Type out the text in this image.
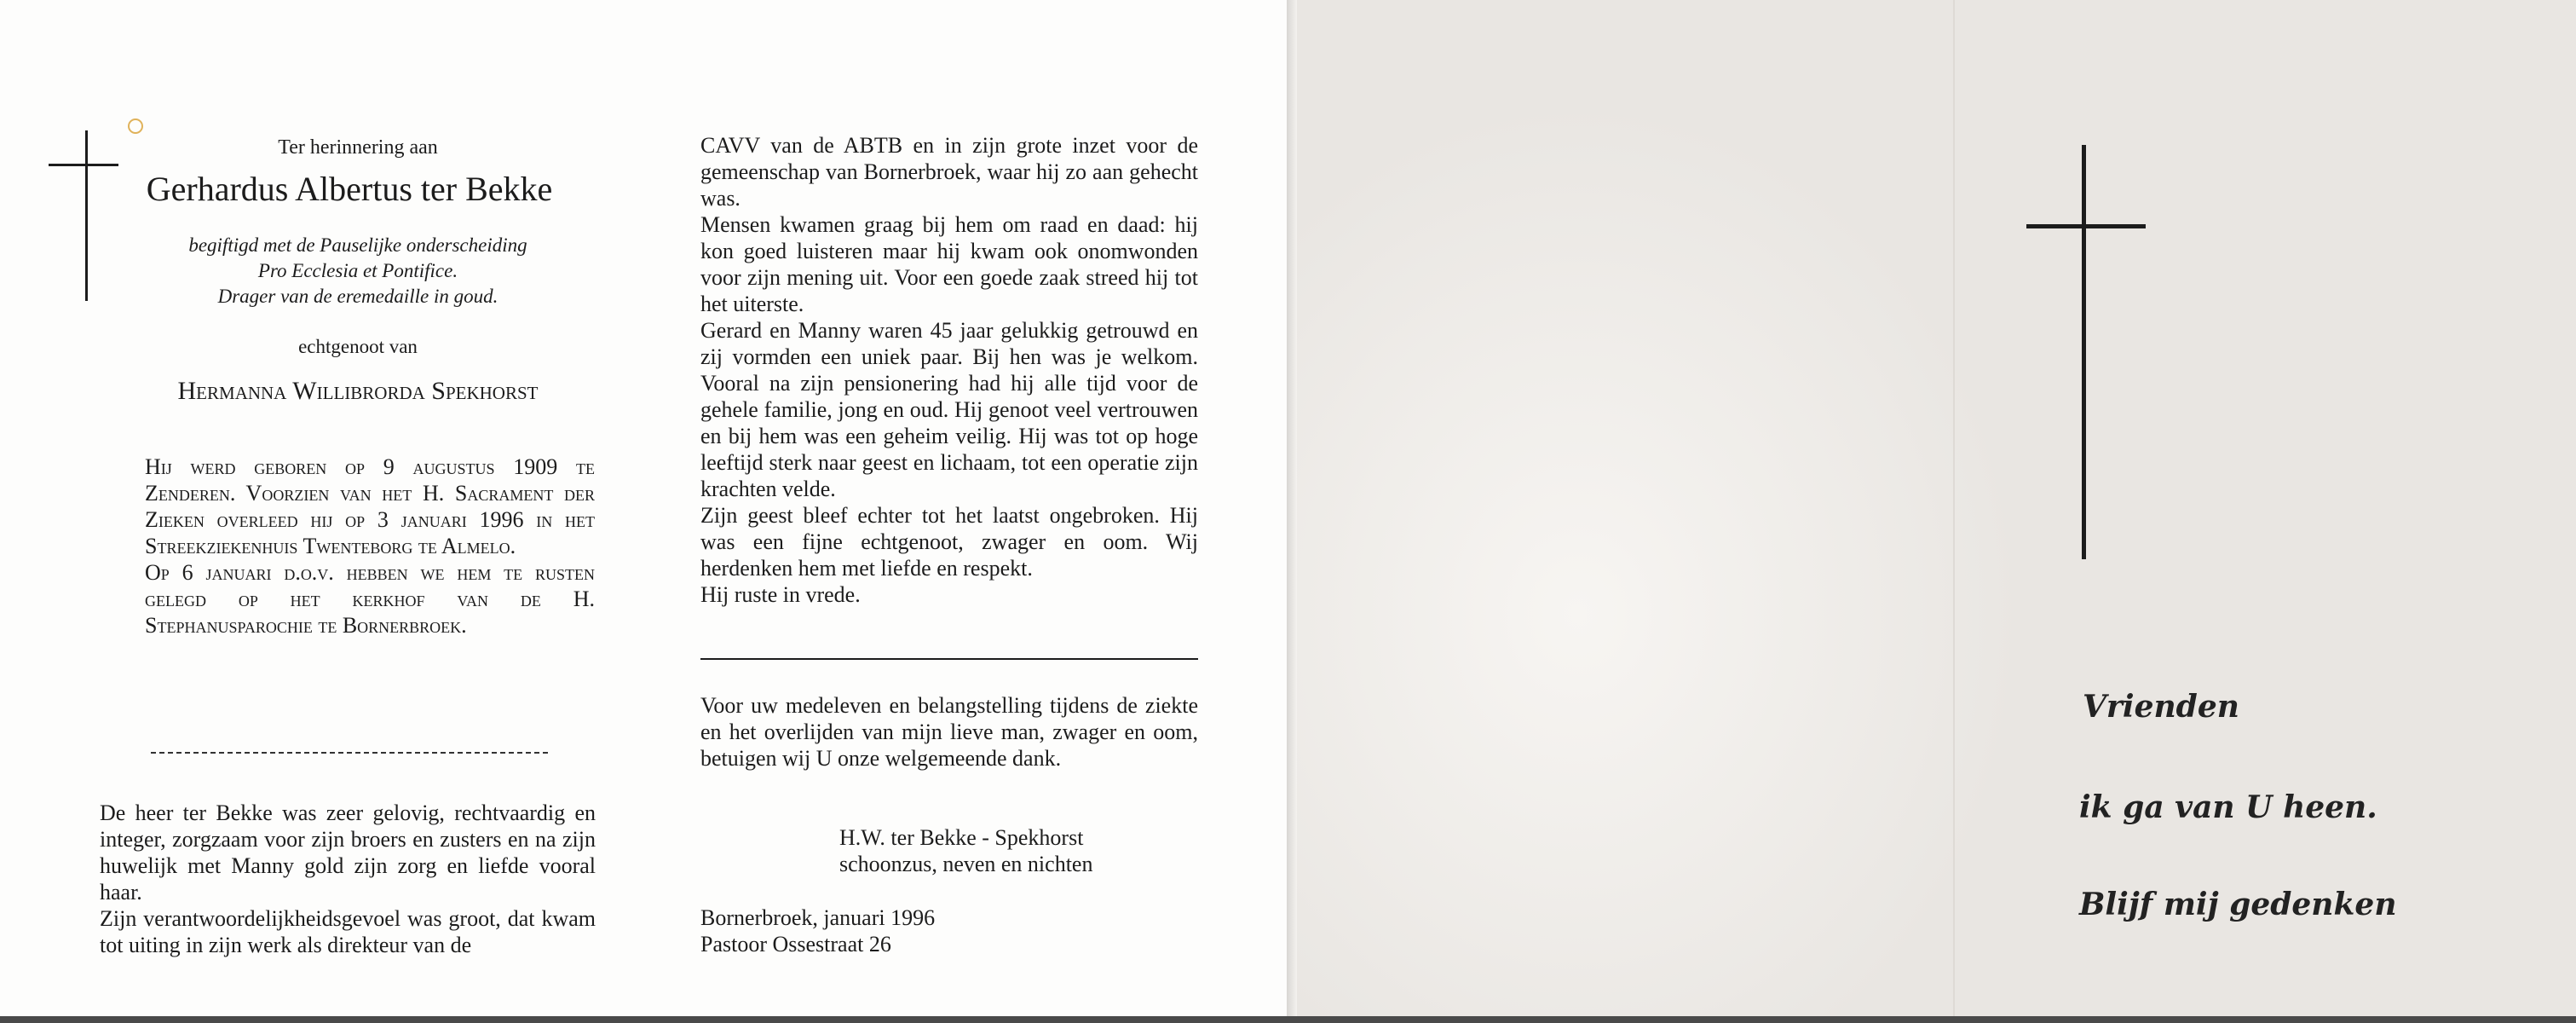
Ter herinnering aan

Gerhardus Albertus ter Bekke

begiftigd met de Pauselijke onderscheiding

Pro Ecclesia et Pontifice.

Drager van de eremedaille in goud.

echtgenoot van

Hermanna Willibrorda Spekhorst

Hij werd geboren op 9 augustus 1909 te Zenderen. Voorzien van het H. Sacrament der Zieken overleed hij op 3 januari 1996 in het Streekziekenhuis Twenteborg te Almelo.
Op 6 januari d.o.v. hebben we hem te rusten gelegd op het kerkhof van de H. Stephanusparochie te Bornerbroek.
De heer ter Bekke was zeer gelovig, rechtvaardig en integer, zorgzaam voor zijn broers en zusters en na zijn huwelijk met Manny gold zijn zorg en liefde vooral haar.
Zijn verantwoordelijkheidsgevoel was groot, dat kwam tot uiting in zijn werk als direkteur van de
CAVV van de ABTB en in zijn grote inzet voor de gemeenschap van Bornerbroek, waar hij zo aan gehecht was.
Mensen kwamen graag bij hem om raad en daad: hij kon goed luisteren maar hij kwam ook onomwonden voor zijn mening uit. Voor een goede zaak streed hij tot het uiterste.
Gerard en Manny waren 45 jaar gelukkig getrouwd en zij vormden een uniek paar. Bij hen was je welkom. Vooral na zijn pensionering had hij alle tijd voor de gehele familie, jong en oud. Hij genoot veel vertrouwen en bij hem was een geheim veilig. Hij was tot op hoge leeftijd sterk naar geest en lichaam, tot een operatie zijn krachten velde.
Zijn geest bleef echter tot het laatst ongebroken. Hij was een fijne echtgenoot, zwager en oom. Wij herdenken hem met liefde en respekt.
Hij ruste in vrede.
Voor uw medeleven en belangstelling tijdens de ziekte en het overlijden van mijn lieve man, zwager en oom, betuigen wij U onze welgemeende dank.

H.W. ter Bekke - Spekhorst

schoonzus, neven en nichten

Bornerbroek, januari 1996

Pastoor Ossestraat 26

Vrienden

ik ga van U heen.

Blijf mij gedenken
